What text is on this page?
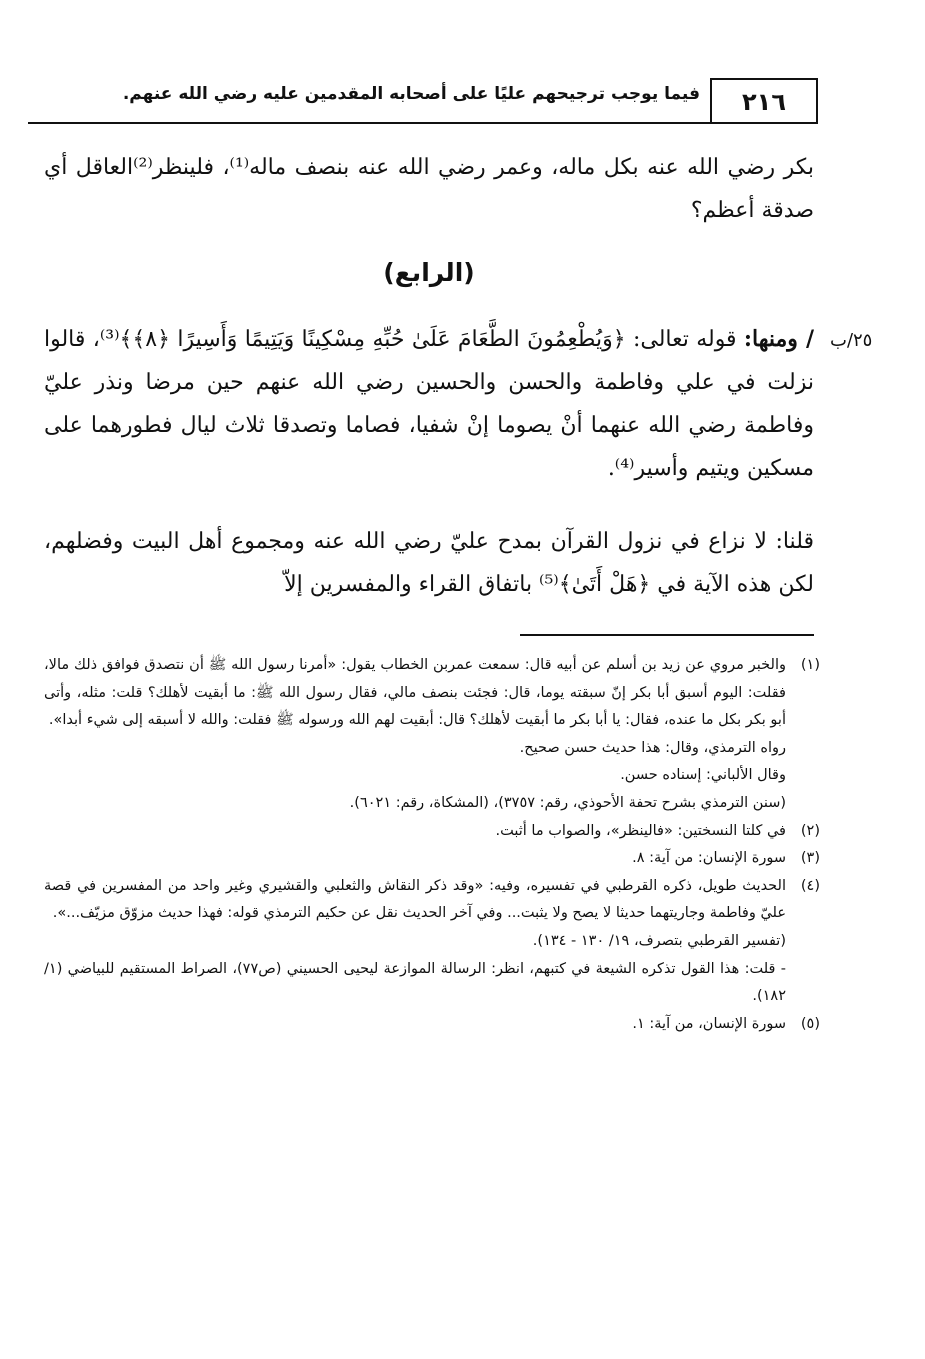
٢١٦
فيما يوجب ترجيحهم عليًا على أصحابه المقدمين عليه رضي الله عنهم.
٢٥/ب
بكر رضي الله عنه بكل ماله، وعمر رضي الله عنه بنصف ماله⁽¹⁾، فلينظر⁽²⁾العاقل أي صدقة أعظم؟
(الرابع)
/ ومنها: قوله تعالى: ﴿وَيُطْعِمُونَ الطَّعَامَ عَلَىٰ حُبِّهِ مِسْكِينًا وَيَتِيمًا وَأَسِيرًا ﴿٨﴾﴾⁽³⁾، قالوا نزلت في علي وفاطمة والحسن والحسين رضي الله عنهم حين مرضا ونذر عليّ وفاطمة رضي الله عنهما أنْ يصوما إنْ شفيا، فصاما وتصدقا ثلاث ليال فطورهما على مسكين ويتيم وأسير⁽⁴⁾.
قلنا: لا نزاع في نزول القرآن بمدح عليّ رضي الله عنه ومجموع أهل البيت وفضلهم، لكن هذه الآية في ﴿هَلْ أَتَىٰ﴾⁽⁵⁾ باتفاق القراء والمفسرين إلاّ

(١)والخبر مروي عن زيد بن أسلم عن أبيه قال: سمعت عمربن الخطاب يقول: «أمرنا رسول الله ﷺ أن نتصدق فوافق ذلك مالا، فقلت: اليوم أسبق أبا بكر إنّ سبقته يوما، قال: فجئت بنصف مالي، فقال رسول الله ﷺ: ما أبقيت لأهلك؟ قلت: مثله، وأتى أبو بكر بكل ما عنده، فقال: يا أبا بكر ما أبقيت لأهلك؟ قال: أبقيت لهم الله ورسوله ﷺ فقلت: والله لا أسبقه إلى شيء أبدا».

رواه الترمذي، وقال: هذا حديث حسن صحيح.

وقال الألباني: إسناده حسن.

(سنن الترمذي بشرح تحفة الأحوذي، رقم: ٣٧٥٧)، (المشكاة، رقم: ٦٠٢١).

(٢)في كلتا النسختين: «فالينظر»، والصواب ما أثبت.

(٣)سورة الإنسان: من آية: ٨.

(٤)الحديث طويل، ذكره القرطبي في تفسيره، وفيه: «وقد ذكر النقاش والثعلبي والقشيري وغير واحد من المفسرين في قصة عليّ وفاطمة وجاريتهما حديثا لا يصح ولا يثبت... وفي آخر الحديث نقل عن حكيم الترمذي قوله: فهذا حديث مزوّق مزيّف...».

(تفسير القرطبي بتصرف، ١٩/ ١٣٠ - ١٣٤).

- قلت: هذا القول تذكره الشيعة في كتبهم، انظر: الرسالة الموازعة ليحيى الحسيني (ص٧٧)، الصراط المستقيم للبياضي (١/ ١٨٢).

(٥)سورة الإنسان، من آية: ١.
